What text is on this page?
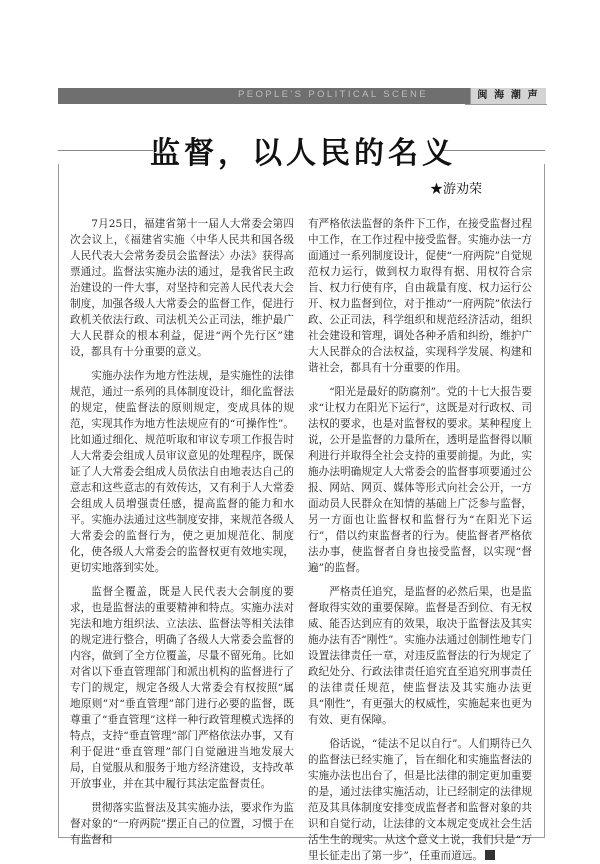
PEOPLE'S POLITICAL SCENE	闽 海 潮 声
监督，以人民的名义
★游劝荣

7月25日，福建省第十一届人大常委会第四次会议上，《福建省实施〈中华人民共和国各级人民代表大会常务委员会监督法〉办法》获得高票通过。监督法实施办法的通过，是我省民主政治建设的一件大事，对坚持和完善人民代表大会制度，加强各级人大常委会的监督工作，促进行政机关依法行政、司法机关公正司法，维护最广大人民群众的根本利益，促进“两个先行区”建设，都具有十分重要的意义。

实施办法作为地方性法规，是实施性的法律规范，通过一系列的具体制度设计，细化监督法的规定，使监督法的原则规定，变成具体的规范，实现其作为地方性法规应有的“可操作性”。比如通过细化、规范听取和审议专项工作报告时人大常委会组成人员审议意见的处理程序，既保证了人大常委会组成人员依法自由地表达自己的意志和这些意志的有效传达，又有利于人大常委会组成人员增强责任感，提高监督的能力和水平。实施办法通过这些制度安排，来规范各级人大常委会的监督行为，使之更加规范化、制度化，使各级人大常委会的监督权更有效地实现，更切实地落到实处。

监督全覆盖，既是人民代表大会制度的要求，也是监督法的重要精神和特点。实施办法对宪法和地方组织法、立法法、监督法等相关法律的规定进行整合，明确了各级人大常委会监督的内容，做到了全方位覆盖，尽量不留死角。比如对省以下垂直管理部门和派出机构的监督进行了专门的规定，规定各级人大常委会有权按照“属地原则”对“垂直管理”部门进行必要的监督，既尊重了“垂直管理”这样一种行政管理模式选择的特点，支持“垂直管理”部门严格依法办事，又有利于促进“垂直管理”部门自觉融进当地发展大局，自觉服从和服务于地方经济建设，支持改革开放事业，并在其中履行其法定监督责任。

贯彻落实监督法及其实施办法，要求作为监督对象的“一府两院”摆正自己的位置，习惯于在有监督和

有严格依法监督的条件下工作，在接受监督过程中工作，在工作过程中接受监督。实施办法一方面通过一系列制度设计，促使“一府两院”自觉规范权力运行，做到权力取得有据、用权符合宗旨、权力行使有序，自由裁量有度、权力运行公开、权力监督到位，对于推动“一府两院”依法行政、公正司法，科学组织和规范经济活动，组织社会建设和管理，调处各种矛盾和纠纷，维护广大人民群众的合法权益，实现科学发展、构建和谐社会，都具有十分重要的作用。

“阳光是最好的防腐剂”。党的十七大报告要求“让权力在阳光下运行”，这既是对行政权、司法权的要求，也是对监督权的要求。某种程度上说，公开是监督的力量所在，透明是监督得以顺利进行并取得全社会支持的重要前提。为此，实施办法明确规定人大常委会的监督事项要通过公报、网站、网页、媒体等形式向社会公开，一方面动员人民群众在知情的基础上广泛参与监督，另一方面也让监督权和监督行为“在阳光下运行”，借以约束监督者的行为。使监督者严格依法办事，使监督者自身也接受监督，以实现“督遍”的监督。

严格责任追究，是监督的必然后果，也是监督取得实效的重要保障。监督是否到位、有无权威、能否达到应有的效果，取决于监督法及其实施办法有否“刚性”。实施办法通过创制性地专门设置法律责任一章，对违反监督法的行为规定了政纪处分、行政法律责任追究直至追究刑事责任的法律责任规范，使监督法及其实施办法更具“刚性”，有更强大的权威性，实施起来也更为有效、更有保障。

俗话说，“徒法不足以自行”。人们期待已久的监督法已经实施了，旨在细化和实施监督法的实施办法也出台了，但是比法律的制定更加重要的是，通过法律实施活动，让已经制定的法律规范及其具体制度安排变成监督者和监督对象的共识和自觉行动，让法律的文本规定变成社会生活活生生的现实。从这个意义上说，我们只是“万里长征走出了第一步”，任重而道远。
